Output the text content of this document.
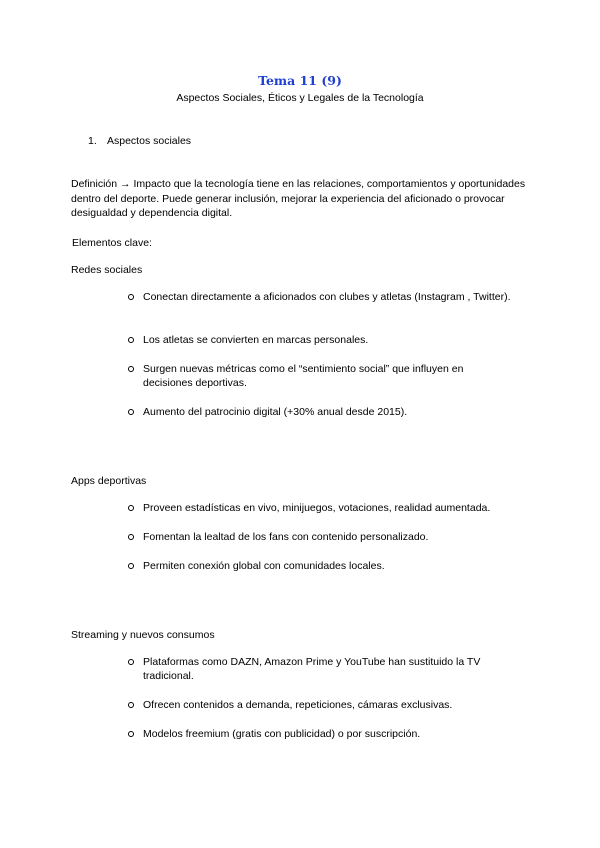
Tema 11 (9)
Aspectos Sociales, Éticos y Legales de la Tecnología
1. Aspectos sociales
Definición → Impacto que la tecnología tiene en las relaciones, comportamientos y oportunidades dentro del deporte. Puede generar inclusión, mejorar la experiencia del aficionado o provocar desigualdad y dependencia digital.
Elementos clave:
Redes sociales
Conectan directamente a aficionados con clubes y atletas (Instagram , Twitter).
Los atletas se convierten en marcas personales.
Surgen nuevas métricas como el “sentimiento social” que influyen en decisiones deportivas.
Aumento del patrocinio digital (+30% anual desde 2015).
Apps deportivas
Proveen estadísticas en vivo, minijuegos, votaciones, realidad aumentada.
Fomentan la lealtad de los fans con contenido personalizado.
Permiten conexión global con comunidades locales.
Streaming y nuevos consumos
Plataformas como DAZN, Amazon Prime y YouTube han sustituido la TV tradicional.
Ofrecen contenidos a demanda, repeticiones, cámaras exclusivas.
Modelos freemium (gratis con publicidad) o por suscripción.
